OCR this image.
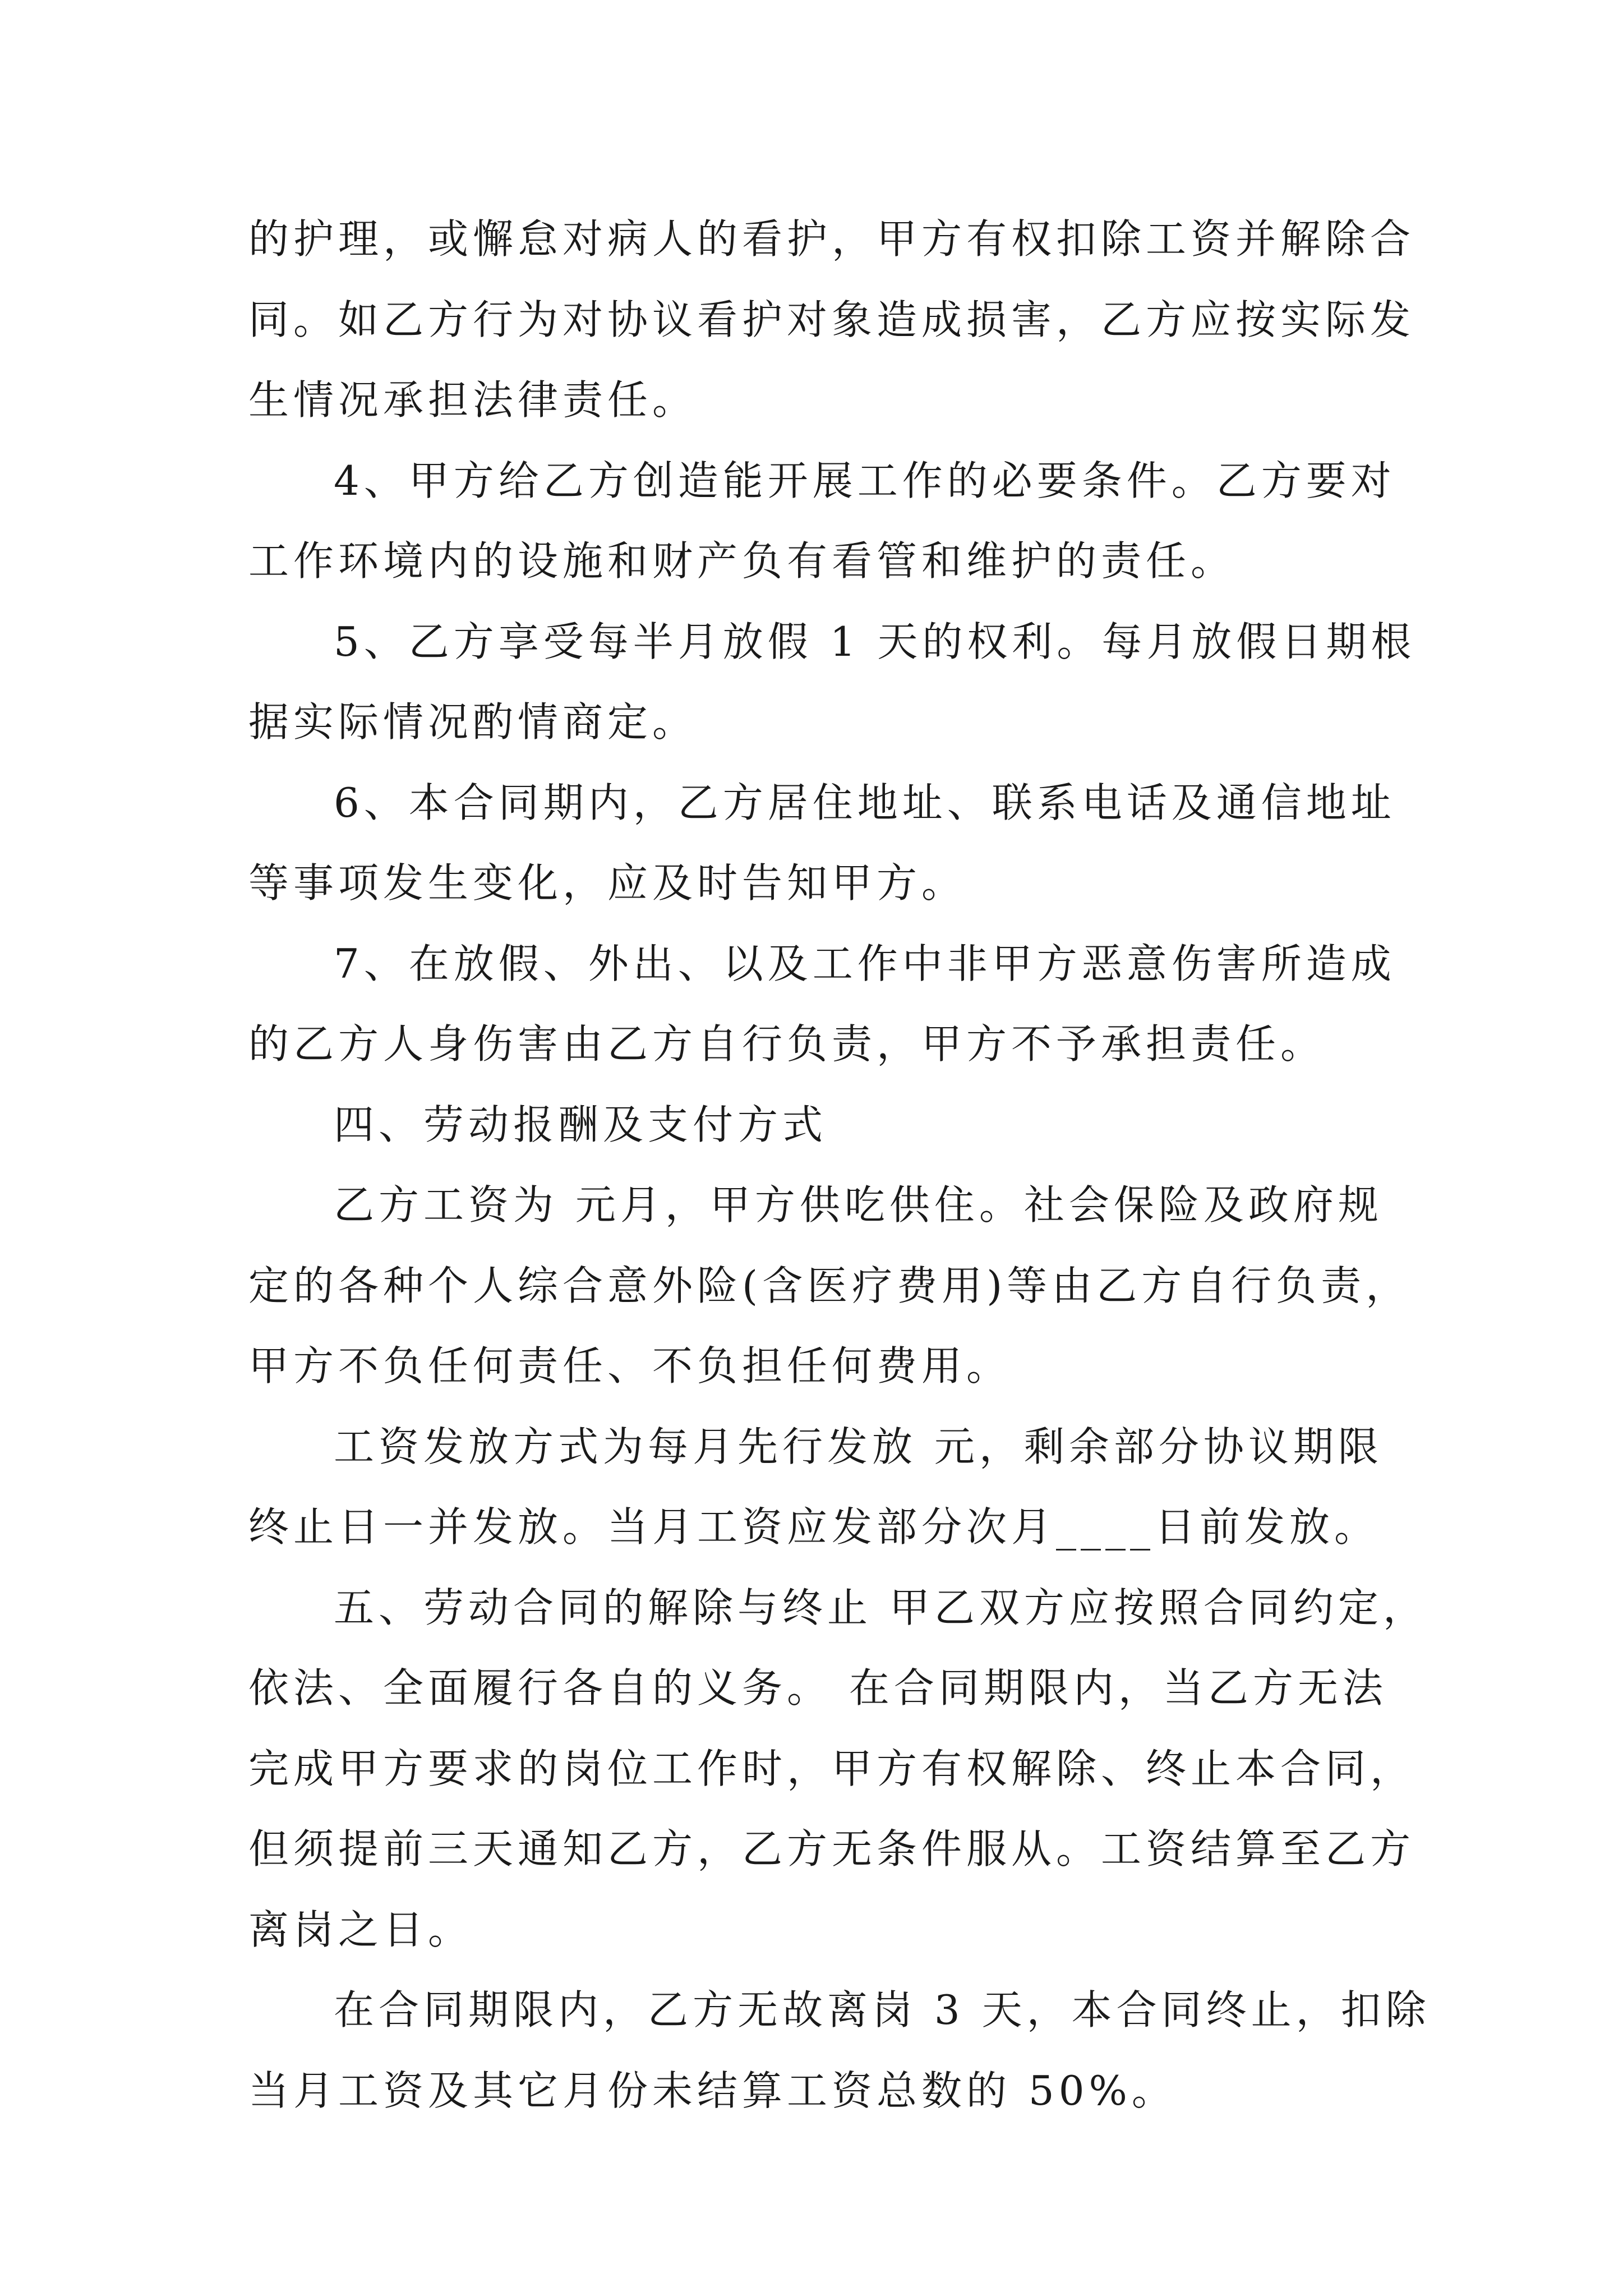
的护理，或懈怠对病人的看护，甲方有权扣除工资并解除合
同。如乙方行为对协议看护对象造成损害，乙方应按实际发
生情况承担法律责任。

4、甲方给乙方创造能开展工作的必要条件。乙方要对
工作环境内的设施和财产负有看管和维护的责任。

5、乙方享受每半月放假 1 天的权利。每月放假日期根
据实际情况酌情商定。

6、本合同期内，乙方居住地址、联系电话及通信地址
等事项发生变化，应及时告知甲方。

7、在放假、外出、以及工作中非甲方恶意伤害所造成
的乙方人身伤害由乙方自行负责，甲方不予承担责任。

四、劳动报酬及支付方式

乙方工资为 元月，甲方供吃供住。社会保险及政府规
定的各种个人综合意外险(含医疗费用)等由乙方自行负责，
甲方不负任何责任、不负担任何费用。

工资发放方式为每月先行发放 元，剩余部分协议期限
终止日一并发放。当月工资应发部分次月____日前发放。

五、劳动合同的解除与终止 甲乙双方应按照合同约定，
依法、全面履行各自的义务。 在合同期限内，当乙方无法
完成甲方要求的岗位工作时，甲方有权解除、终止本合同，
但须提前三天通知乙方，乙方无条件服从。工资结算至乙方
离岗之日。

在合同期限内，乙方无故离岗 3 天，本合同终止，扣除
当月工资及其它月份未结算工资总数的 50%。
